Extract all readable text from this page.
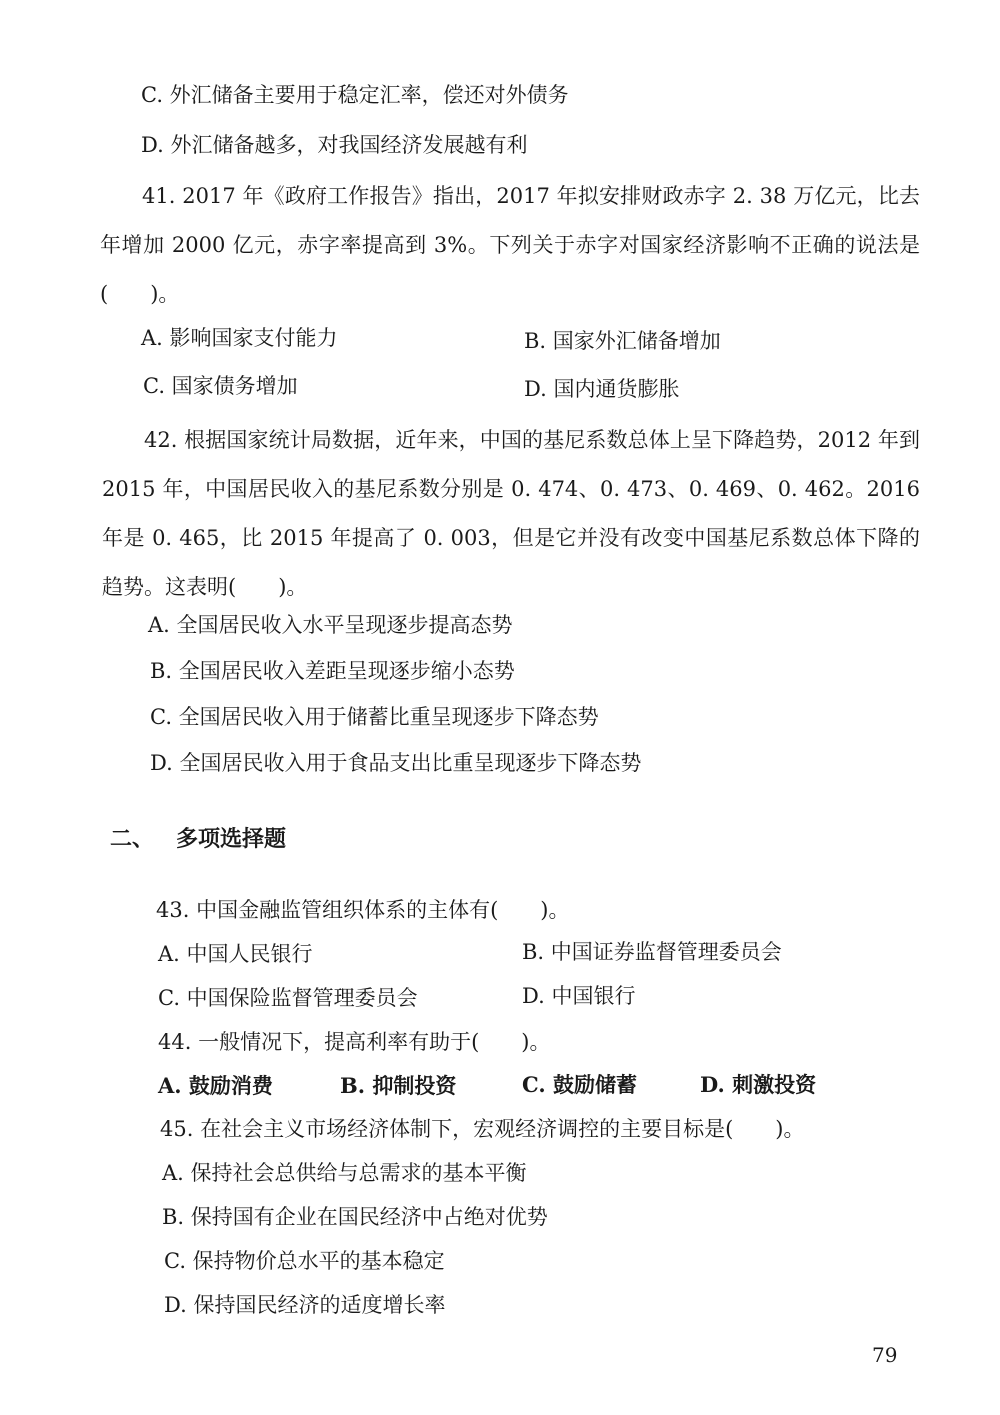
C. 外汇储备主要用于稳定汇率，偿还对外债务
D. 外汇储备越多，对我国经济发展越有利
41. 2017 年《政府工作报告》指出，2017 年拟安排财政赤字 2. 38 万亿元，比去年增加 2000 亿元，赤字率提高到 3%。下列关于赤字对国家经济影响不正确的说法是(　　)。
A. 影响国家支付能力	B. 国家外汇储备增加
C. 国家债务增加	D. 国内通货膨胀
42. 根据国家统计局数据，近年来，中国的基尼系数总体上呈下降趋势，2012 年到 2015 年，中国居民收入的基尼系数分别是 0. 474、0. 473、0. 469、0. 462。2016 年是 0. 465，比 2015 年提高了 0. 003，但是它并没有改变中国基尼系数总体下降的趋势。这表明(　　)。
A. 全国居民收入水平呈现逐步提高态势
B. 全国居民收入差距呈现逐步缩小态势
C. 全国居民收入用于储蓄比重呈现逐步下降态势
D. 全国居民收入用于食品支出比重呈现逐步下降态势
二、 多项选择题
43. 中国金融监管组织体系的主体有(　　)。
A. 中国人民银行	B. 中国证券监督管理委员会
C. 中国保险监督管理委员会	D. 中国银行
44. 一般情况下，提高利率有助于(　　)。
A. 鼓励消费	B. 抑制投资	C. 鼓励储蓄	D. 刺激投资
45. 在社会主义市场经济体制下，宏观经济调控的主要目标是(　　)。
A. 保持社会总供给与总需求的基本平衡
B. 保持国有企业在国民经济中占绝对优势
C. 保持物价总水平的基本稳定
D. 保持国民经济的适度增长率
79
